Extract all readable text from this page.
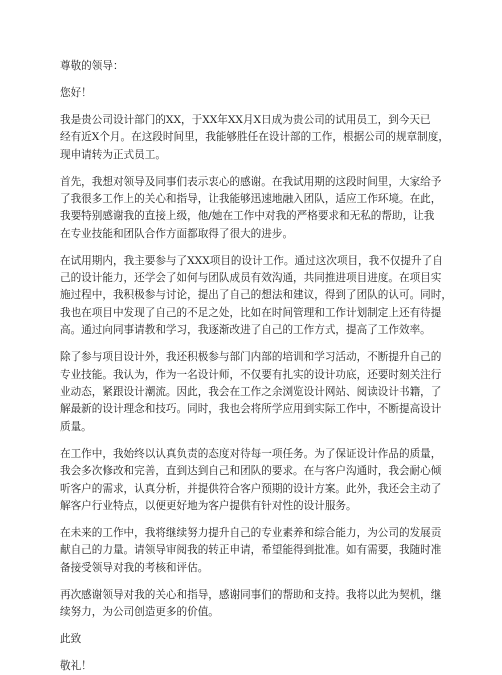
尊敬的领导：

您好！

我是贵公司设计部门的XX，于XX年XX月X日成为贵公司的试用员工，到今天已

经有近X个月。在这段时间里，我能够胜任在设计部的工作，根据公司的规章制度，

现申请转为正式员工。

首先，我想对领导及同事们表示衷心的感谢。在我试用期的这段时间里，大家给予

了我很多工作上的关心和指导，让我能够迅速地融入团队，适应工作环境。在此，

我要特别感谢我的直接上级，他/她在工作中对我的严格要求和无私的帮助，让我

在专业技能和团队合作方面都取得了很大的进步。

在试用期内，我主要参与了XXX项目的设计工作。通过这次项目，我不仅提升了自

己的设计能力，还学会了如何与团队成员有效沟通，共同推进项目进度。在项目实

施过程中，我积极参与讨论，提出了自己的想法和建议，得到了团队的认可。同时，

我也在项目中发现了自己的不足之处，比如在时间管理和工作计划制定上还有待提

高。通过向同事请教和学习，我逐渐改进了自己的工作方式，提高了工作效率。

除了参与项目设计外，我还积极参与部门内部的培训和学习活动，不断提升自己的

专业技能。我认为，作为一名设计师，不仅要有扎实的设计功底，还要时刻关注行

业动态，紧跟设计潮流。因此，我会在工作之余浏览设计网站、阅读设计书籍，了

解最新的设计理念和技巧。同时，我也会将所学应用到实际工作中，不断提高设计

质量。

在工作中，我始终以认真负责的态度对待每一项任务。为了保证设计作品的质量，

我会多次修改和完善，直到达到自己和团队的要求。在与客户沟通时，我会耐心倾

听客户的需求，认真分析，并提供符合客户预期的设计方案。此外，我还会主动了

解客户行业特点，以便更好地为客户提供有针对性的设计服务。

在未来的工作中，我将继续努力提升自己的专业素养和综合能力，为公司的发展贡

献自己的力量。请领导审阅我的转正申请，希望能得到批准。如有需要，我随时准

备接受领导对我的考核和评估。

再次感谢领导对我的关心和指导，感谢同事们的帮助和支持。我将以此为契机，继

续努力，为公司创造更多的价值。

此致

敬礼！
